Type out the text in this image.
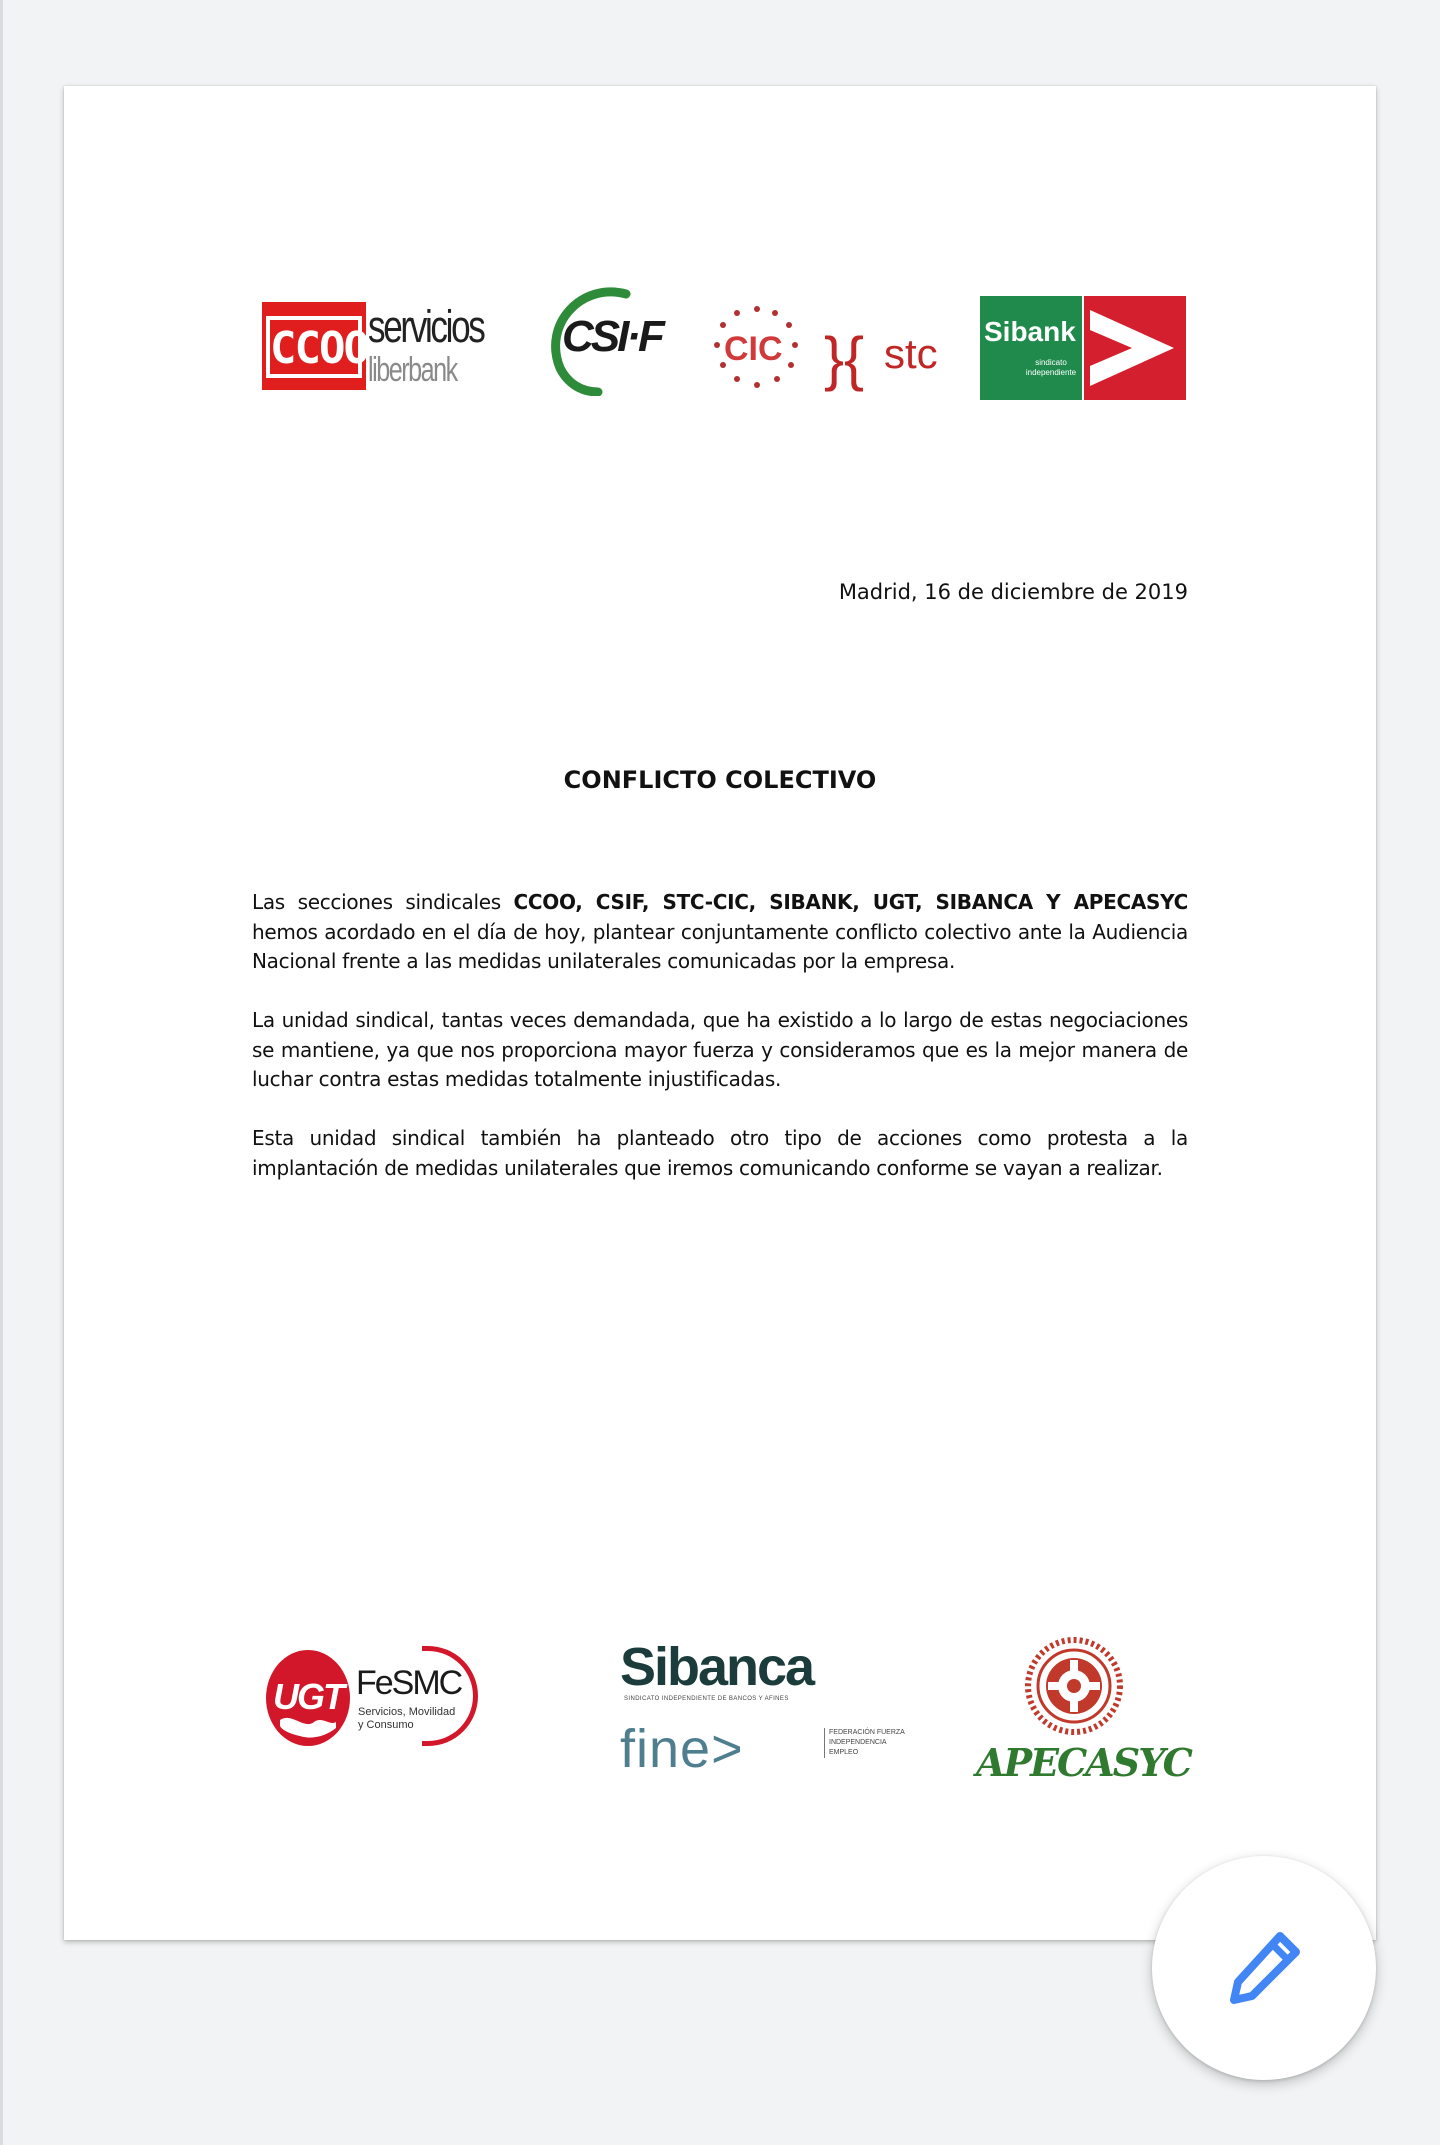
CCOO servicios
liberbank
CSI·F CIC }{ stc Sibank
sindicato independiente
Madrid, 16 de diciembre de 2019
CONFLICTO COLECTIVO

Las secciones sindicales CCOO, CSIF, STC-CIC, SIBANK, UGT, SIBANCA Y APECASYC hemos acordado en el día de hoy, plantear conjuntamente conflicto colectivo ante la Audiencia Nacional frente a las medidas unilaterales comunicadas por la empresa.

La unidad sindical, tantas veces demandada, que ha existido a lo largo de estas negociaciones se mantiene, ya que nos proporciona mayor fuerza y consideramos que es la mejor manera de luchar contra estas medidas totalmente injustificadas.

Esta unidad sindical también ha planteado otro tipo de acciones como protesta a la implantación de medidas unilaterales que iremos comunicando conforme se vayan a realizar.

UGT FeSMC
Servicios, Movilidad y Consumo
Sibanca
SINDICATO INDEPENDIENTE DE BANCOS Y AFINES
fine>	FEDERACIÓN FUERZA INDEPENDENCIA EMPLEO	APECASYC
